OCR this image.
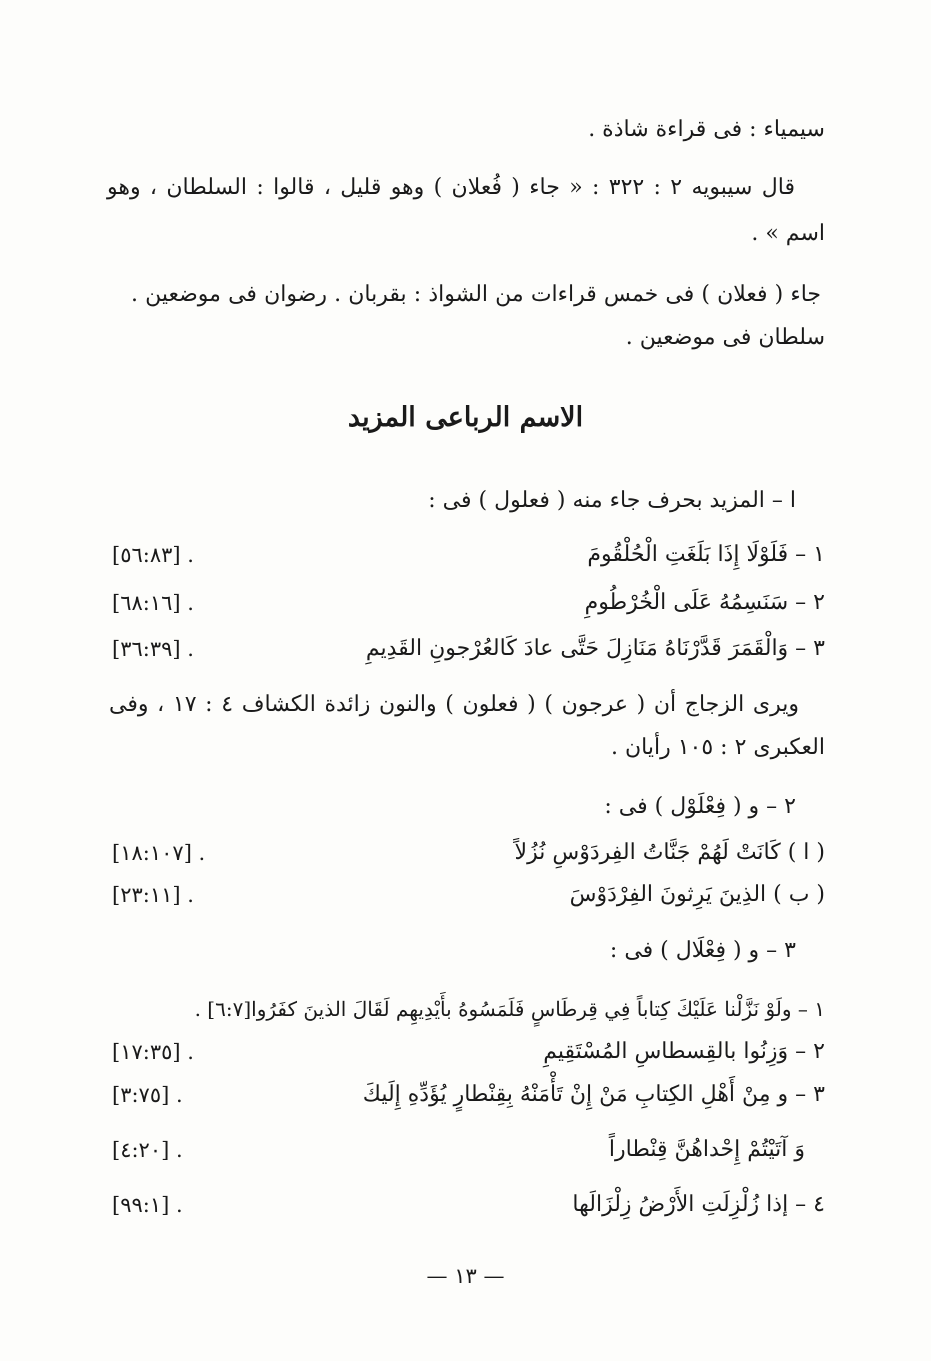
سيمياء : فى قراءة شاذة .
قال سيبويه ٢ : ٣٢٢ : « جاء ( فُعلان ) وهو قليل ، قالوا : السلطان ، وهو
اسم » .
جاء ( فعلان ) فى خمس قراءات من الشواذ : بقربان . رضوان فى موضعين .
سلطان فى موضعين .
الاسم الرباعى المزيد
ا – المزيد بحرف جاء منه ( فعلول ) فى :
١ – فَلَوْلَا إِذَا بَلَغَتِ الْحُلْقُومَ
[٥٦:٨٣] .
٢ – سَنَسِمُهُ عَلَى الْخُرْطُومِ
[٦٨:١٦] .
٣ – وَالْقَمَرَ قَدَّرْنَاهُ مَنَازِلَ حَتَّى عادَ كَالعُرْجونِ القَدِيمِ
[٣٦:٣٩] .
ويرى الزجاج أن ( عرجون ) ( فعلون ) والنون زائدة الكشاف ٤ : ١٧ ، وفى
العكبرى ٢ : ١٠٥ رأيان .
٢ – و ( فِعْلَوْل ) فى :
( ا ) كَانَتْ لَهُمْ جَنَّاتُ الفِردَوْسِ نُزُلاً
[١٨:١٠٧] .
( ب ) الذِينَ يَرِثونَ الفِرْدَوْسَ
[٢٣:١١] .
٣ – و ( فِعْلَال ) فى :
١ – ولَوْ نَزَّلْنا عَلَيْكَ كِتاباً فِي قِرطَاسٍ فَلَمَسُوهُ بأَيْدِيهِم لَقَالَ الذينَ كفَرُوا[٦:٧] .
٢ – وَزِنُوا بالقِسطاسِ المُسْتَقِيمِ
[١٧:٣٥] .
٣ – و مِنْ أَهْلِ الكِتابِ مَنْ إِنْ تَأْمَنْهُ بِقِنْطارٍ يُؤَدِّهِ إِلَيكَ
[٣:٧٥] .
وَ آتَيْتُمْ إِحْداهُنَّ قِنْطاراً
[٤:٢٠] .
٤ – إذا زُلْزِلَتِ الأَرْضُ زِلْزَالَها
[٩٩:١] .
— ١٣ —
